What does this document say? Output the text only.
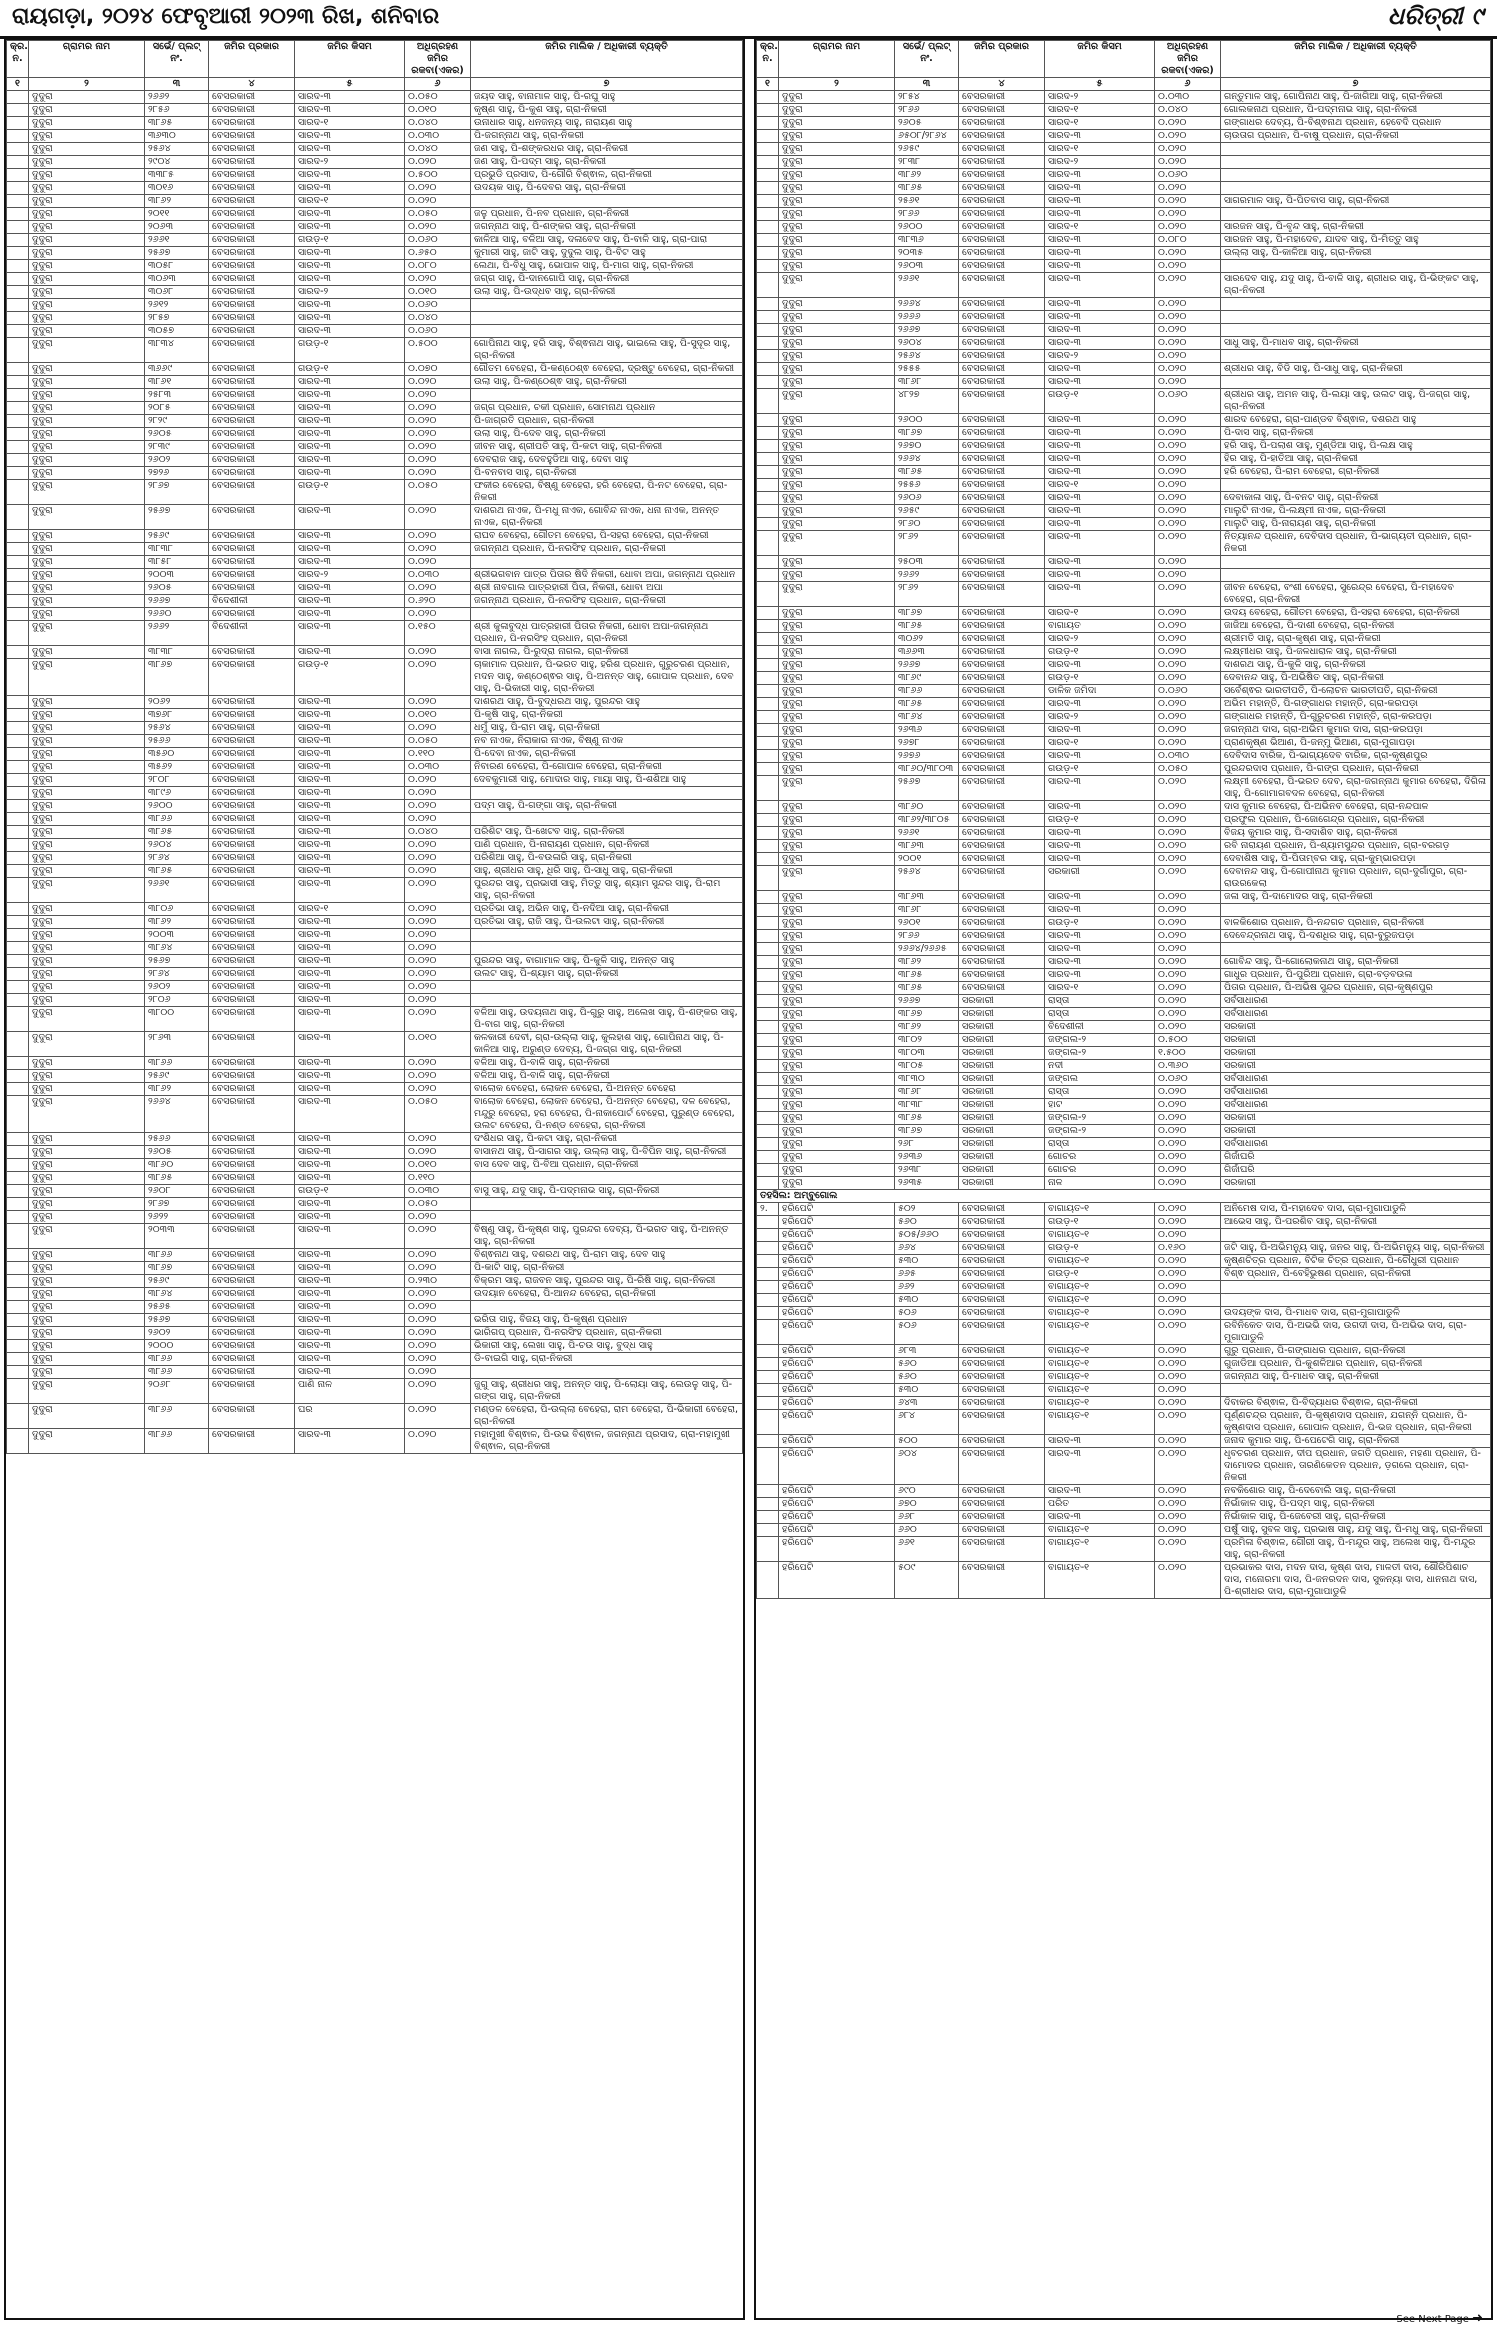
ରାୟଗଡ଼ା, ୨୦୨୪ ଫେବୃଆରୀ ୨୦୨୩ ରିଖ, ଶନିବାର	ଧରିତ୍ରୀ ୯
କ୍ର. ନ.	ଗ୍ରାମର ନାମ	ସର୍ଭେ/ ପ୍ଲଟ୍ ନଂ.	ଜମିର ପ୍ରକାର	ଜମିର କିସମ	ଅଧିଗ୍ରହଣ ଜମିର ରକବା(ଏକର)	ଜମିର ମାଲିକ / ଅଧିକାରୀ ବ୍ୟକ୍ତି
୧	୨	୩	୪	୫	୬	୭
	ଦୁଦୁରା	୨୬୬୨	ବେସରକାରୀ	ସାରଦ-୩	୦.୦୫୦	ଜୟଦ ସାହୁ, ବାନାମାଳ ସାହୁ, ପି-ରଘୁ ସାହୁ
	ଦୁଦୁରା	୨୮୫୬	ବେସରକାରୀ	ସାରଦ-୩	୦.୦୧୦	କୃଷ୍ଣ ସାହୁ, ପି-କୁଶ ସାହୁ, ଗ୍ରା-ନିକରୀ
	ଦୁଦୁରା	୩୮୬୫	ବେସରକାରୀ	ସାରଦ-୧	୦.୦୪୦	ଉନାଧାର ସାହୁ, ଧନଜନ୍ୟ ସାହୁ, ନାରାୟଣ ସାହୁ
	ଦୁଦୁରା	୩୬୩୦	ବେସରକାରୀ	ସାରଦ-୩	୦.୦୩୦	ପି-ଜଗନ୍ନାଥ ସାହୁ, ଗ୍ରା-ନିକରୀ
	ଦୁଦୁରା	୨୫୬୪	ବେସରକାରୀ	ସାରଦ-୩	୦.୦୪୦	ଜଣ ସାହୁ, ପି-ଶଙ୍କରଧର ସାହୁ, ଗ୍ରା-ନିକରୀ
	ଦୁଦୁରା	୨୯୦୪	ବେସରକାରୀ	ସାରଦ-୨	୦.୦୨୦	ଜଣ ସାହୁ, ପି-ପଦ୍ମ ସାହୁ, ଗ୍ରା-ନିକରୀ
	ଦୁଦୁରା	୩୩୮୫	ବେସରକାରୀ	ସାରଦ-୩	୦.୫୦୦	ପ୍ରଭୁଡି ପ୍ରସାଦ, ପି-ଗୌରି ବିଶ୍ଵାଳ, ଗ୍ରା-ନିକରୀ
	ଦୁଦୁରା	୩୦୧୬	ବେସରକାରୀ	ସାରଦ-୩	୦.୦୨୦	ଉଦୟକ ସାହୁ, ପି-ଦେବର ସାହୁ, ଗ୍ରା-ନିକରୀ
	ଦୁଦୁରା	୩୮୬୨	ବେସରକାରୀ	ସାରଦ-୧	୦.୦୨୦	
	ଦୁଦୁରା	୨୦୧୧	ବେସରକାରୀ	ସାରଦ-୩	୦.୦୫୦	ଜଳୁ ପ୍ରଧାନ, ପି-ନବ ପ୍ରଧାନ, ଗ୍ରା-ନିକରୀ
	ଦୁଦୁରା	୨୦୬୩	ବେସରକାରୀ	ସାରଦ-୩	୦.୦୨୦	ଜଗନ୍ନାଥ ସାହୁ, ପି-ଶଙ୍କର ସାହୁ, ଗ୍ରା-ନିକରୀ
	ଦୁଦୁରା	୨୬୬୧	ବେସରକାରୀ	ଗଉଡ଼-୧	୦.୦୬୦	କାଳିଆ ସାହୁ, ବଳିଆ ସାହୁ, ଦଳାବେଦ ସାହୁ, ପି-ବାଳି ସାହୁ, ଗ୍ରା-ପାରା
	ଦୁଦୁରା	୨୫୬୭	ବେସରକାରୀ	ସାରଦ-୩	୦.୬୫୦	କୁମାରୀ ସାହୁ, ଜାଟି ସାହୁ, ଦୁଦୁଲ ସାହୁ, ପି-ବିଟ ସାହୁ
	ଦୁଦୁରା	୩୦୫୮	ବେସରକାରୀ	ସାରଦ-୩	୦.୦୮୦	ଲେଥା, ପି-ବିଧୁ ସାହୁ, ଭୋପାଳ ସାହୁ, ପି-ମାଗ ସାହୁ, ଗ୍ରା-ନିକରୀ
	ଦୁଦୁରା	୩୦୬୩	ବେସରକାରୀ	ସାରଦ-୩	୦.୦୨୦	ଜଗ୍ଗ ସାହୁ, ପି-ଦାନଗୋପି ସାହୁ, ଗ୍ରା-ନିକରୀ
	ଦୁଦୁରା	୩୦୬୮	ବେସରକାରୀ	ସାରଦ-୨	୦.୦୧୦	ଉଲା ସାହୁ, ପି-ଉଦ୍ଧବ ସାହୁ, ଗ୍ରା-ନିକରୀ
	ଦୁଦୁରା	୨୬୧୨	ବେସରକାରୀ	ସାରଦ-୩	୦.୦୬୦	
	ଦୁଦୁରା	୨୮୫୭	ବେସରକାରୀ	ସାରଦ-୩	୦.୦୪୦	
	ଦୁଦୁରା	୩୦୫୭	ବେସରକାରୀ	ସାରଦ-୩	୦.୦୬୦	
	ଦୁଦୁରା	୩୮୩୪	ବେସରକାରୀ	ଗଉଡ଼-୧	୦.୫୦୦	ଗୋପିନାଥ ସାହୁ, ହରି ସାହୁ, ବିଶ୍ଵନାଥ ସାହୁ, ଭାଇଲେ ସାହୁ, ପି-ସୁଦୂର ସାହୁ, ଗ୍ରା-ନିକରୀ
	ଦୁଦୁରା	୩୬୬୯	ବେସରକାରୀ	ଗଉଡ଼-୧	୦.୦୭୦	ଗୌତମ ବେହେରା, ପି-କଣ୍ଠେଶ୍ଵ ବେହେରା, ଦ୍ରଷ୍ଟୁ ବେହେରା, ଗ୍ରା-ନିକରୀ
	ଦୁଦୁରା	୩୮୬୧	ବେସରକାରୀ	ସାରଦ-୩	୦.୦୨୦	ଉଲା ସାହୁ, ପି-କଣ୍ଠେଶ୍ଵ ସାହୁ, ଗ୍ରା-ନିକରୀ
	ଦୁଦୁରା	୨୫୮୩	ବେସରକାରୀ	ସାରଦ-୩	୦.୦୨୦	
	ଦୁଦୁରା	୨୦୮୫	ବେସରକାରୀ	ସାରଦ-୩	୦.୦୨୦	ଜଗ୍ଗ ପ୍ରଧାନ, ଚକୀ ପ୍ରଧାନ, ସୋମନାଥ ପ୍ରଧାନ
	ଦୁଦୁରା	୨୮୨୯	ବେସରକାରୀ	ସାରଦ-୩	୦.୦୨୦	ପି-ଜାଗ୍ରତି ପ୍ରଧାନ, ଗ୍ରା-ନିକରୀ
	ଦୁଦୁରା	୨୬୦୫	ବେସରକାରୀ	ସାରଦ-୩	୦.୦୨୦	ଉଲା ସାହୁ, ପି-ଦେବ ସାହୁ, ଗ୍ରା-ନିକରୀ
	ଦୁଦୁରା	୨୮୩୯	ବେସରକାରୀ	ସାରଦ-୩	୦.୦୨୦	ଜୀବନ ସାହୁ, ଶ୍ରୀପତି ସାହୁ, ପି-କଟା ସାହୁ, ଗ୍ରା-ନିକରୀ
	ଦୁଦୁରା	୨୬୦୨	ବେସରକାରୀ	ସାରଦ-୩	୦.୦୨୦	ଦେବରାଜ ସାହୁ, ଦେବହୁଡିଆ ସାହୁ, ଦେବା ସାହୁ
	ଦୁଦୁରା	୨୭୨୬	ବେସରକାରୀ	ସାରଦ-୩	୦.୦୨୦	ପି-ବନବାସ ସାହୁ, ଗ୍ରା-ନିକରୀ
	ଦୁଦୁରା	୨୮୬୭	ବେସରକାରୀ	ଗଉଡ଼-୧	୦.୦୫୦	ଫକୀର ବେହେରା, ବିଷ୍ଣୁ ବେହେରା, ହରି ବେହେରା, ପି-ନଟ ବେହେରା, ଗ୍ରା-ନିକରୀ
	ଦୁଦୁରା	୨୫୬୭	ବେସରକାରୀ	ସାରଦ-୩	୦.୦୨୦	ଦାଶରଥ ନାଏକ, ପି-ମଧୁ ନାଏକ, ଗୋବିନ୍ଦ ନାଏକ, ଧନା ନାଏକ, ଅନନ୍ତ ନାଏକ, ଗ୍ରା-ନିକରୀ
	ଦୁଦୁରା	୨୫୬୯	ବେସରକାରୀ	ସାରଦ-୩	୦.୦୨୦	ରାଘବ ବେହେରା, ଗୌତମ ବେହେରା, ପି-ସହରା ବେହେରା, ଗ୍ରା-ନିକରୀ
	ଦୁଦୁରା	୩୮୩୮	ବେସରକାରୀ	ସାରଦ-୩	୦.୦୨୦	ଜଗନ୍ନାଥ ପ୍ରଧାନ, ପି-ନରସିଂହ ପ୍ରଧାନ, ଗ୍ରା-ନିକରୀ
	ଦୁଦୁରା	୩୮୫୮	ବେସରକାରୀ	ସାରଦ-୩	୦.୦୨୦	
	ଦୁଦୁରା	୨୦୦୩	ବେସରକାରୀ	ସାରଦ-୨	୦.୦୩୦	ଶ୍ରୀଭଗବାନ ପାତ୍ର ପିତାର ଷିଦି ନିକରୀ, ଧୋବା ଅପା, ଜଗନ୍ନାଥ ପ୍ରଧାନ
	ଦୁଦୁରା	୨୬୦୫	ବେସରକାରୀ	ସାରଦ-୩	୦.୦୨୦	ଶ୍ରୀ ନାବଗାଲ ପାତ୍ରହାରୀ ପିତା, ନିକରୀ, ଧୋବା ଅପା
	ଦୁଦୁରା	୨୬୬୭	ବିଦେଶୀଳୀ	ସାରଦ-୩	୦.୬୨୦	ଜଗନ୍ନାଥ ପ୍ରଧାନ, ପି-ନରସିଂହ ପ୍ରଧାନ, ଗ୍ରା-ନିକରୀ
	ଦୁଦୁରା	୨୬୬୦	ବେସରକାରୀ	ସାରଦ-୩	୦.୦୨୦	
	ଦୁଦୁରା	୨୬୬୨	ବିଦେଶୀଳୀ	ସାରଦ-୩	୦.୧୫୦	ଶ୍ରୀ କୁଳାବୁଦ୍ଧ ପାତ୍ରହାରୀ ପିତାର ନିକରୀ, ଧୋବା ଅପା-ଜଗନ୍ନାଥ ପ୍ରଧାନ, ପି-ନରସିଂହ ପ୍ରଧାନ, ଗ୍ରା-ନିକରୀ
	ଦୁଦୁରା	୩୮୩୮	ବେସରକାରୀ	ସାରଦ-୩	୦.୦୨୦	ବାସା ନାଗଲ, ପି-ରୁଦ୍ରା ନାଗଲ, ଗ୍ରା-ନିକରୀ
	ଦୁଦୁରା	୩୮୬୭	ବେସରକାରୀ	ଗଉଡ଼-୧	୦.୦୨୦	ଚାକାମାଳ ପ୍ରଧାନ, ପି-ଭରତ ସାହୁ, ହରିଶ ପ୍ରଧାନ, ଗୁରୁଚରଣ ପ୍ରଧାନ, ମଦନ ସାହୁ, କଣ୍ଠେଶ୍ଵର ସାହୁ, ପି-ଅନନ୍ତ ସାହୁ, ଗୋପାଳ ପ୍ରଧାନ, ଦେବ ସାହୁ, ପି-ଭିକାରୀ ସାହୁ, ଗ୍ରା-ନିକରୀ
	ଦୁଦୁରା	୨୦୬୨	ବେସରକାରୀ	ସାରଦ-୩	୦.୦୨୦	ଦାଶରଥ ସାହୁ, ପି-ବୁଦ୍ଧରଥ ସାହୁ, ପୁରନ୍ଦର ସାହୁ
	ଦୁଦୁରା	୩୭୬୮	ବେସରକାରୀ	ସାରଦ-୩	୦.୦୧୦	ପି-କୃଷି ସାହୁ, ଗ୍ରା-ନିକରୀ
	ଦୁଦୁରା	୨୫୬୪	ବେସରକାରୀ	ସାରଦ-୩	୦.୦୨୦	ଧର୍ମୁ ସାହୁ, ପି-ରାମ ସାହୁ, ଗ୍ରା-ନିକରୀ
	ଦୁଦୁରା	୨୫୬୬	ବେସରକାରୀ	ସାରଦ-୩	୦.୦୫୦	ନବ ନାଏକ, ନିରାକାର ନାଏକ, ବିଷ୍ଣୁ ନାଏକ
	ଦୁଦୁରା	୩୫୬୦	ବେସରକାରୀ	ସାରଦ-୩	୦.୧୧୦	ପି-ଦେବା ନାଏକ, ଗ୍ରା-ନିକରୀ
	ଦୁଦୁରା	୩୫୬୨	ବେସରକାରୀ	ସାରଦ-୩	୦.୦୩୦	ନିବାରଣ ବେହେରା, ପି-ଗୋପାଳ ବେହେରା, ଗ୍ରା-ନିକରୀ
	ଦୁଦୁରା	୨୮୦୮	ବେସରକାରୀ	ସାରଦ-୩	୦.୦୨୦	ଦେବକୁମାରୀ ସାହୁ, ମୋଦାର ସାହୁ, ମାୟା ସାହୁ, ପି-ଶଶିଆ ସାହୁ
	ଦୁଦୁରା	୩୮୯୬	ବେସରକାରୀ	ସାରଦ-୩	୦.୦୨୦	
	ଦୁଦୁରା	୨୬୦୦	ବେସରକାରୀ	ସାରଦ-୩	୦.୦୨୦	ପଦ୍ମ ସାହୁ, ପି-ଗଙ୍ଗା ସାହୁ, ଗ୍ରା-ନିକରୀ
	ଦୁଦୁରା	୩୮୬୬	ବେସରକାରୀ	ସାରଦ-୩	୦.୦୨୦	
	ଦୁଦୁରା	୩୮୬୫	ବେସରକାରୀ	ସାରଦ-୩	୦.୦୪୦	ପରିଶିଟ ସାହୁ, ପି-ଖେଟବ ସାହୁ, ଗ୍ରା-ନିକରୀ
	ଦୁଦୁରା	୨୬୦୪	ବେସରକାରୀ	ସାରଦ-୩	୦.୦୨୦	ପାଣି ପ୍ରଧାନ, ପି-ନାରାୟଣ ପ୍ରଧାନ, ଗ୍ରା-ନିକରୀ
	ଦୁଦୁରା	୨୮୬୪	ବେସରକାରୀ	ସାରଦ-୩	୦.୦୨୦	ପରିଶିଆ ସାହୁ, ପି-ବଉଳାରି ସାହୁ, ଗ୍ରା-ନିକରୀ
	ଦୁଦୁରା	୩୮୬୫	ବେସରକାରୀ	ସାରଦ-୩	୦.୦୨୦	ସାହୁ, ଶ୍ରୀଧର ସାହୁ, ଧିରି ସାହୁ, ପି-ସାଧୁ ସାହୁ, ଗ୍ରା-ନିକରୀ
	ଦୁଦୁରା	୨୬୬୧	ବେସରକାରୀ	ସାରଦ-୩	୦.୦୨୦	ପୁରନ୍ଦର ସାହୁ, ପ୍ରଭାସୀ ସାହୁ, ମିତ୍ତୁ ସାହୁ, ଶ୍ୟାମ ସୁନ୍ଦର ସାହୁ, ପି-ରାମ ସାହୁ, ଗ୍ରା-ନିକରୀ
	ଦୁଦୁରା	୩୮୦୬	ବେସରକାରୀ	ସାରଦ-୧	୦.୦୨୦	ପ୍ରତିଭା ସାହୁ, ଅଭିନ ସାହୁ, ପି-ନଦିଆ ସାହୁ, ଗ୍ରା-ନିକରୀ
	ଦୁଦୁରା	୩୮୬୨	ବେସରକାରୀ	ସାରଦ-୩	୦.୦୨୦	ପ୍ରତିଭା ସାହୁ, ରାଜି ସାହୁ, ପି-ଉଲଟା ସାହୁ, ଗ୍ରା-ନିକରୀ
	ଦୁଦୁରା	୨୦୦୩	ବେସରକାରୀ	ସାରଦ-୩	୦.୦୨୦	
	ଦୁଦୁରା	୩୮୬୪	ବେସରକାରୀ	ସାରଦ-୩	୦.୦୨୦	
	ଦୁଦୁରା	୨୫୬୭	ବେସରକାରୀ	ସାରଦ-୩	୦.୦୨୦	ପୁରନ୍ଦର ସାହୁ, ବାଗାମାଳ ସାହୁ, ପି-କୁଳି ସାହୁ, ଅନନ୍ତ ସାହୁ
	ଦୁଦୁରା	୨୮୬୪	ବେସରକାରୀ	ସାରଦ-୩	୦.୦୨୦	ଉଲଟ ସାହୁ, ପି-ଶ୍ୟାମ ସାହୁ, ଗ୍ରା-ନିକରୀ
	ଦୁଦୁରା	୨୬୦୨	ବେସରକାରୀ	ସାରଦ-୩	୦.୦୨୦	
	ଦୁଦୁରା	୨୮୦୬	ବେସରକାରୀ	ସାରଦ-୩	୦.୦୨୦	
	ଦୁଦୁରା	୩୮୦୦	ବେସରକାରୀ	ସାରଦ-୩	୦.୦୨୦	ବଳିଆ ସାହୁ, ଉଦୟନାଥ ସାହୁ, ପି-ଗୁରୁ ସାହୁ, ଅଲେଖ ସାହୁ, ପି-ଶଙ୍କର ସାହୁ, ପି-ବାଗ ସାହୁ, ଗ୍ରା-ନିକରୀ
	ଦୁଦୁରା	୨୮୬୩	ବେସରକାରୀ	ସାରଦ-୩	୦.୦୧୦	କଳକାରୀ ଦେବୀ, ଗ୍ରା-ଉଲ୍ଲା ସାହୁ, କୁଲହାଶ ସାହୁ, ଗୋପିନାଥ ସାହୁ, ପି-କାଳିଆ ସାହୁ, ଅରୁଣ୍ଡ ଦେବ୍ୟ, ପି-ଜଗ୍ଗ ସାହୁ, ଗ୍ରା-ନିକରୀ
	ଦୁଦୁରା	୩୮୬୬	ବେସରକାରୀ	ସାରଦ-୩	୦.୦୨୦	ବଳିଆ ସାହୁ, ପି-ବାଳି ସାହୁ, ଗ୍ରା-ନିକରୀ
	ଦୁଦୁରା	୨୫୬୯	ବେସରକାରୀ	ସାରଦ-୩	୦.୦୨୦	ବଳିଆ ସାହୁ, ପି-ବାଳି ସାହୁ, ଗ୍ରା-ନିକରୀ
	ଦୁଦୁରା	୩୮୬୨	ବେସରକାରୀ	ସାରଦ-୩	୦.୦୨୦	ବାଲୋକ ବେହେରା, ଲୋକନ ବେହେରା, ପି-ଅନନ୍ତ ବେହେରା
	ଦୁଦୁରା	୨୬୬୪	ବେସରକାରୀ	ସାରଦ-୩	୦.୦୫୦	ବାଲୋକ ବେହେରା, ଲୋକନ ବେହେରା, ପି-ଅନନ୍ତ ବେହେରା, ଦଳ ବେହେରା, ମନ୍ଦୁରୁ ବେହେରା, ହରା ବେହେରା, ପି-ନାକାପୋର୍ଟ ବେହେରା, ପୁରୁଣ୍ଡ ବେହେରା, ଉଲଟ ବେହେରା, ପି-ନଣ୍ଡ ବେହେରା, ଗ୍ରା-ନିକରୀ
	ଦୁଦୁରା	୨୫୬୬	ବେସରକାରୀ	ସାରଦ-୩	୦.୦୨୦	ଦଂଶିଧର ସାହୁ, ପି-କଟା ସାହୁ, ଗ୍ରା-ନିକରୀ
	ଦୁଦୁରା	୨୬୦୫	ବେସରକାରୀ	ସାରଦ-୩	୦.୦୨୦	ବାସାନଥ ସାହୁ, ପି-ସାଗର ସାହୁ, ଉଲ୍ଲା ସାହୁ, ପି-ବିପିନ ସାହୁ, ଗ୍ରା-ନିକରୀ
	ଦୁଦୁରା	୩୮୬୦	ବେସରକାରୀ	ସାରଦ-୩	୦.୦୧୦	ବାସ ଦେବ ସାହୁ, ପି-ବିଆ ପ୍ରଧାନ, ଗ୍ରା-ନିକରୀ
	ଦୁଦୁରା	୩୮୬୫	ବେସରକାରୀ	ସାରଦ-୩	୦.୧୧୦	
	ଦୁଦୁରା	୨୬୦୮	ବେସରକାରୀ	ଗଉଡ଼-୧	୦.୦୩୦	ବାସୁ ସାହୁ, ଯଦୁ ସାହୁ, ପି-ପଦ୍ମନାଭ ସାହୁ, ଗ୍ରା-ନିକରୀ
	ଦୁଦୁରା	୨୮୬୭	ବେସରକାରୀ	ସାରଦ-୩	୦.୦୫୦	
	ଦୁଦୁରା	୨୬୨୨	ବେସରକାରୀ	ସାରଦ-୩	୦.୦୨୦	
	ଦୁଦୁରା	୨୦୩୩	ବେସରକାରୀ	ସାରଦ-୩	୦.୦୨୦	ବିଷ୍ଣୁ ସାହୁ, ପି-କୃଷ୍ଣ ସାହୁ, ପୁରନ୍ଦର ଦେବ୍ୟ, ପି-ଭରତ ସାହୁ, ପି-ଅନନ୍ତ ସାହୁ, ଗ୍ରା-ନିକରୀ
	ଦୁଦୁରା	୩୮୬୬	ବେସରକାରୀ	ସାରଦ-୩	୦.୦୨୦	ବିଶ୍ଵନାଥ ସାହୁ, ଦଶରଥ ସାହୁ, ପି-ରାମ ସାହୁ, ଦେବ ସାହୁ
	ଦୁଦୁରା	୩୮୬୭	ବେସରକାରୀ	ସାରଦ-୩	୦.୦୨୦	ପି-କାଟି ସାହୁ, ଗ୍ରା-ନିକରୀ
	ଦୁଦୁରା	୨୫୬୯	ବେସରକାରୀ	ସାରଦ-୩	୦.୨୩୦	ବିକ୍ରମ ସାହୁ, ରାଜବନ ସାହୁ, ପୁରନ୍ଦର ସାହୁ, ପି-ରିଷି ସାହୁ, ଗ୍ରା-ନିକରୀ
	ଦୁଦୁରା	୩୮୬୪	ବେସରକାରୀ	ସାରଦ-୩	୦.୦୨୦	ଉଦୟାନ ବେହେରା, ପି-ଆନନ୍ଦ ବେହେରା, ଗ୍ରା-ନିକରୀ
	ଦୁଦୁରା	୨୫୬୫	ବେସରକାରୀ	ସାରଦ-୩	୦.୦୨୦	
	ଦୁଦୁରା	୨୫୬୭	ବେସରକାରୀ	ସାରଦ-୩	୦.୦୨୦	ଭରିତା ସାହୁ, ବିଜୟ ସାହୁ, ପି-କୃଷ୍ଣ ପ୍ରଧାନ
	ଦୁଦୁରା	୨୬୦୨	ବେସରକାରୀ	ସାରଦ-୩	୦.୦୨୦	ଭାରିଗପ୍ ପ୍ରଧାନ, ପି-ନରସିଂହ ପ୍ରଧାନ, ଗ୍ରା-ନିକରୀ
	ଦୁଦୁରା	୨୦୦୦	ବେସରକାରୀ	ସାରଦ-୩	୦.୦୨୦	ଭିକାରୀ ସାହୁ, ଲେଖା ସାହୁ, ପି-ଚଉ ସାହୁ, ବୁଦ୍ଧ ସାହୁ
	ଦୁଦୁରା	୩୮୬୬	ବେସରକାରୀ	ସାରଦ-୩	୦.୦୨୦	ଡି-ବାଇଗି ସାହୁ, ଗ୍ରା-ନିକରୀ
	ଦୁଦୁରା	୩୮୬୬	ବେସରକାରୀ	ସାରଦ-୩	୦.୦୨୦	
	ଦୁଦୁରା	୨୦୬୮	ବେସରକାରୀ	ପାଣି ନାଳ	୦.୦୨୦	ଜୁଗୁ ସାହୁ, ଶ୍ରୀଧର ସାହୁ, ଅନନ୍ତ ସାହୁ, ପି-ଲୋୟା ସାହୁ, ଲେଉଳୁ ସାହୁ, ପି-ଗଙ୍ଗ ସାହୁ, ଗ୍ରା-ନିକରୀ
	ଦୁଦୁରା	୩୮୬୬	ବେସରକାରୀ	ଘର	୦.୦୨୦	ମଣ୍ଡଳ ବେହେରା, ପି-ଉଲ୍ଲା ବେହେରା, ରାମ ବେହେରା, ପି-ଭିକାରୀ ବେହେରା, ଗ୍ରା-ନିକରୀ
	ଦୁଦୁରା	୩୮୬୬	ବେସରକାରୀ	ସାରଦ-୩	୦.୦୨୦	ମହାମୁଖୀ ବିଶ୍ଵାଳ, ପି-ଉଭ ବିଶ୍ଵାଳ, ଜଗନ୍ନାଥ ପ୍ରସାଦ, ଗ୍ରା-ମହାମୁଖୀ ବିଶ୍ଵାଳ, ଗ୍ରା-ନିକରୀ
କ୍ର. ନ.	ଗ୍ରାମର ନାମ	ସର୍ଭେ/ ପ୍ଲଟ୍ ନଂ.	ଜମିର ପ୍ରକାର	ଜମିର କିସମ	ଅଧିଗ୍ରହଣ ଜମିର ରକବା(ଏକର)	ଜମିର ମାଲିକ / ଅଧିକାରୀ ବ୍ୟକ୍ତି
୧	୨	୩	୪	୫	୬	୭
	ଦୁଦୁରା	୨୮୫୪	ବେସରକାରୀ	ସାରଦ-୨	୦.୦୩୦	ଗନ୍ତୁମାଳ ସାହୁ, ଗୋପିନାଥ ସାହୁ, ପି-ଜାଗିଆ ସାହୁ, ଗ୍ରା-ନିକରୀ
	ଦୁଦୁରା	୨୮୬୬	ବେସରକାରୀ	ସାରଦ-୧	୦.୦୪୦	ଗୋଲକନାଥ ପ୍ରଧାନ, ପି-ପଦ୍ମନାଭ ସାହୁ, ଗ୍ରା-ନିକରୀ
	ଦୁଦୁରା	୨୬୦୫	ବେସରକାରୀ	ସାରଦ-୧	୦.୦୨୦	ଗଙ୍ଗାଧର ଦେବ୍ୟ, ପି-ବିଶ୍ଵନାଥ ପ୍ରଧାନ, ହେବେଦି ପ୍ରଧାନ
	ଦୁଦୁରା	୬୫୦୮/୨୮୬୪	ବେସରକାରୀ	ସାରଦ-୩	୦.୦୨୦	ଚାଉତାଗ ପ୍ରଧାନ, ପି-ବାଷୁ ପ୍ରଧାନ, ଗ୍ରା-ନିକରୀ
	ଦୁଦୁରା	୨୬୫୯	ବେସରକାରୀ	ସାରଦ-୧	୦.୦୨୦	
	ଦୁଦୁରା	୨୮୩୮	ବେସରକାରୀ	ସାରଦ-୨	୦.୦୨୦	
	ଦୁଦୁରା	୩୮୬୨	ବେସରକାରୀ	ସାରଦ-୩	୦.୦୬୦	
	ଦୁଦୁରା	୩୮୬୫	ବେସରକାରୀ	ସାରଦ-୩	୦.୦୨୦	
	ଦୁଦୁରା	୨୫୬୧	ବେସରକାରୀ	ସାରଦ-୩	୦.୦୨୦	ସାଗରମାଳ ସାହୁ, ପି-ପିତବାସ ସାହୁ, ଗ୍ରା-ନିକରୀ
	ଦୁଦୁରା	୨୮୬୬	ବେସରକାରୀ	ସାରଦ-୩	୦.୦୨୦	
	ଦୁଦୁରା	୨୬୦୦	ବେସରକାରୀ	ସାରଦ-୧	୦.୦୨୦	ସାରଜନ ସାହୁ, ପି-ବୃନ୍ଦ ସାହୁ, ଗ୍ରା-ନିକରୀ
	ଦୁଦୁରା	୩୮୩୬	ବେସରକାରୀ	ସାରଦ-୩	୦.୦୮୦	ସାରଜନ ସାହୁ, ପି-ମହାଦେବ, ଯାଦବ ସାହୁ, ପି-ମିତ୍ତୁ ସାହୁ
	ଦୁଦୁରା	୨୦୩୫	ବେସରକାରୀ	ସାରଦ-୩	୦.୦୨୦	ଉଲ୍ଲା ସାହୁ, ପି-କାଳିଆ ସାହୁ, ଗ୍ରା-ନିକରୀ
	ଦୁଦୁରା	୨୬୦୩	ବେସରକାରୀ	ସାରଦ-୩	୦.୦୨୦	
	ଦୁଦୁରା	୨୬୬୧	ବେସରକାରୀ	ସାରଦ-୩	୦.୦୨୦	ସାରଦେବ ସାହୁ, ଯଦୁ ସାହୁ, ପି-ବାଳି ସାହୁ, ଶ୍ରୀଧର ସାହୁ, ପି-ଭିଙ୍କଟ ସାହୁ, ଗ୍ରା-ନିକରୀ
	ଦୁଦୁରା	୨୬୬୪	ବେସରକାରୀ	ସାରଦ-୩	୦.୦୨୦	
	ଦୁଦୁରା	୨୬୬୬	ବେସରକାରୀ	ସାରଦ-୩	୦.୦୨୦	
	ଦୁଦୁରା	୨୬୬୭	ବେସରକାରୀ	ସାରଦ-୩	୦.୦୨୦	
	ଦୁଦୁରା	୨୬୦୪	ବେସରକାରୀ	ସାରଦ-୩	୦.୦୨୦	ସାଧୁ ସାହୁ, ପି-ମାଧବ ସାହୁ, ଗ୍ରା-ନିକରୀ
	ଦୁଦୁରା	୨୫୬୪	ବେସରକାରୀ	ସାରଦ-୨	୦.୦୨୦	
	ଦୁଦୁରା	୨୫୫୫	ବେସରକାରୀ	ସାରଦ-୩	୦.୦୨୦	ଶ୍ରୀଧର ସାହୁ, ବିଡି ସାହୁ, ପି-ସାଧୁ ସାହୁ, ଗ୍ରା-ନିକରୀ
	ଦୁଦୁରା	୩୮୬୮	ବେସରକାରୀ	ସାରଦ-୩	୦.୦୨୦	
	ଦୁଦୁରା	୪୮୨୭	ବେସରକାରୀ	ଗଉଡ଼-୧	୦.୦୬୦	ଶ୍ରୀଧର ସାହୁ, ଅମନ ସାହୁ, ପି-ଲୟା ସାହୁ, ଉଲଟ ସାହୁ, ପି-ଜଗ୍ଗ ସାହୁ, ଗ୍ରା-ନିକରୀ
	ଦୁଦୁରା	୨୬୦୦	ବେସରକାରୀ	ସାରଦ-୩	୦.୦୨୦	ଶାରଦ ବେହେରା, ଗ୍ରା-ପାଣ୍ଡବ ବିଶ୍ଵାଳ, ଦଶରଥ ସାହୁ
	ଦୁଦୁରା	୩୮୬୭	ବେସରକାରୀ	ସାରଦ-୩	୦.୦୨୦	ପି-ଦାସ ସାହୁ, ଗ୍ରା-ନିକରୀ
	ଦୁଦୁରା	୨୬୭୦	ବେସରକାରୀ	ସାରଦ-୩	୦.୦୨୦	ହରି ସାହୁ, ପି-ପଲାଶ ସାହୁ, ମୁଣ୍ଡିଆ ସାହୁ, ପି-ଲକ୍ଷ ସାହୁ
	ଦୁଦୁରା	୨୬୬୪	ବେସରକାରୀ	ସାରଦ-୩	୦.୦୨୦	ହିର ସାହୁ, ପି-ହାତିଆ ସାହୁ, ଗ୍ରା-ନିକରୀ
	ଦୁଦୁରା	୩୮୬୫	ବେସରକାରୀ	ସାରଦ-୩	୦.୦୨୦	ହରି ବେହେରା, ପି-ରାମ ବେହେରା, ଗ୍ରା-ନିକରୀ
	ଦୁଦୁରା	୨୫୫୬	ବେସରକାରୀ	ସାରଦ-୧	୦.୦୨୦	
	ଦୁଦୁରା	୨୬୦୬	ବେସରକାରୀ	ସାରଦ-୩	୦.୦୨୦	ଦେବାକାଳା ସାହୁ, ପି-ବନଟ ସାହୁ, ଗ୍ରା-ନିକରୀ
	ଦୁଦୁରା	୨୬୫୯	ବେସରକାରୀ	ସାରଦ-୩	୦.୦୨୦	ମାଲୁଟି ନାଏକ, ପି-ଲକ୍ଷ୍ମୀ ନାଏକ, ଗ୍ରା-ନିକରୀ
	ଦୁଦୁରା	୨୮୬୦	ବେସରକାରୀ	ସାରଦ-୩	୦.୦୨୦	ମାଲୁଟି ସାହୁ, ପି-ନାରାୟଣ ସାହୁ, ଗ୍ରା-ନିକରୀ
	ଦୁଦୁରା	୨୮୬୨	ବେସରକାରୀ	ସାରଦ-୩	୦.୦୨୦	ନିତ୍ୟାନନ୍ଦ ପ୍ରଧାନ, ଦେବିଦାସ ପ୍ରଧାନ, ପି-ଭାଗ୍ୟତୀ ପ୍ରଧାନ, ଗ୍ରା-ନିକରୀ
	ଦୁଦୁରା	୨୫୦୩	ବେସରକାରୀ	ସାରଦ-୩	୦.୦୨୦	
	ଦୁଦୁରା	୨୬୬୨	ବେସରକାରୀ	ସାରଦ-୩	୦.୦୨୦	
	ଦୁଦୁରା	୨୮୬୨	ବେସରକାରୀ	ସାରଦ-୩	୦.୦୨୦	ଜୀବନ ବେହେରା, ବଂଶୀ ବେହେରା, ସୁରେନ୍ଦ୍ର ବେହେରା, ପି-ମହାଦେବ ବେହେରା, ଗ୍ରା-ନିକରୀ
	ଦୁଦୁରା	୩୮୬୭	ବେସରକାରୀ	ସାରଦ-୧	୦.୦୨୦	ଉଦୟ ବେହେରା, ଗୌତମ ବେହେରା, ପି-ସହରା ବେହେରା, ଗ୍ରା-ନିକରୀ
	ଦୁଦୁରା	୩୮୬୫	ବେସରକାରୀ	ବାଗାୟତ	୦.୦୨୦	ଜାଜିଆ ବେହେରା, ପି-ଦାଶୀ ବେହେରା, ଗ୍ରା-ନିକରୀ
	ଦୁଦୁରା	୩୦୬୨	ବେସରକାରୀ	ସାରଦ-୨	୦.୦୨୦	ଶ୍ରୀମତି ସାହୁ, ଗ୍ରା-କୃଷ୍ଣ ସାହୁ, ଗ୍ରା-ନିକରୀ
	ଦୁଦୁରା	୩୬୬୩	ବେସରକାରୀ	ଗଉଡ଼-୧	୦.୦୨୦	ଲକ୍ଷ୍ମୀଧର ସାହୁ, ପି-ଜଳଧାରାଳ ସାହୁ, ଗ୍ରା-ନିକରୀ
	ଦୁଦୁରା	୨୬୬୭	ବେସରକାରୀ	ସାରଦ-୩	୦.୦୨୦	ଦାଶରଥ ସାହୁ, ପି-କୁଳି ସାହୁ, ଗ୍ରା-ନିକରୀ
	ଦୁଦୁରା	୩୮୬୯	ବେସରକାରୀ	ଗଉଡ଼-୧	୦.୦୨୦	ଦେବାନନ୍ଦ ସାହୁ, ପି-ଅଭିଷିତ ସାହୁ, ଗ୍ରା-ନିକରୀ
	ଦୁଦୁରା	୩୮୬୬	ବେସରକାରୀ	ଡାଳିକ ଜମିଦା	୦.୦୬୦	ସର୍ବେଶ୍ଵର ଭାରତୀପତି, ପି-ଲୋଚନ ଭାରତୀପତି, ଗ୍ରା-ନିକରୀ
	ଦୁଦୁରା	୩୮୬୫	ବେସରକାରୀ	ସାରଦ-୩	୦.୦୨୦	ଅଭିମ ମହାନ୍ତି, ପି-ଗଙ୍ଗାଧର ମହାନ୍ତି, ଗ୍ରା-କରପଡ଼ା
	ଦୁଦୁରା	୩୮୬୪	ବେସରକାରୀ	ସାରଦ-୨	୦.୦୨୦	ଗଙ୍ଗାଧର ମହାନ୍ତି, ପି-ଗୁରୁଚରଣ ମହାନ୍ତି, ଗ୍ରା-କରପଡ଼ା
	ଦୁଦୁରା	୨୬୩୬	ବେସରକାରୀ	ସାରଦ-୩	୦.୦୨୦	ଜଗନ୍ନାଥ ଦାସ, ଗ୍ରା-ଅଭିମ କୁମାର ଦାସ, ଗ୍ରା-କରପଡ଼ା
	ଦୁଦୁରା	୨୬୭୮	ବେସରକାରୀ	ସାରଦ-୧	୦.୦୨୦	ପ୍ରାଣକୃଷ୍ଣ ଭିଆଣ, ପି-ଜନ୍ମୁ ଭିଆଣ, ଗ୍ରା-ମୁଗାପଡ଼ା
	ଦୁଦୁରା	୨୬୭୬	ବେସରକାରୀ	ସାରଦ-୩	୦.୦୩୦	ଦେବିଦାସ ବାରିକ, ପି-ଭାଗ୍ୟଦେବ ବାରିକ, ଗ୍ରା-କୃଷ୍ଣପୁର
	ଦୁଦୁରା	୩୮୬୦/୩୮୦୩	ବେସରକାରୀ	ଗଉଡ଼-୧	୦.୦୫୦	ପୁରନ୍ଦରଦାସ ପ୍ରଧାନ, ପି-ଗଙ୍ଗ ପ୍ରଧାନ, ଗ୍ରା-ନିକରୀ
	ଦୁଦୁରା	୨୫୬୭	ବେସରକାରୀ	ସାରଦ-୩	୦.୦୨୦	ଲକ୍ଷ୍ମୀ ବେହେରା, ପି-ଭରତ ଦେବ, ଗ୍ରା-ଜଗନ୍ନାଥ କୁମାର ବେହେରା, ଦିଗିଳା ସାହୁ, ପି-ଗୋମାଗବଦଳ ବେହେରା, ଗ୍ରା-ନିକରୀ
	ଦୁଦୁରା	୩୮୬୦	ବେସରକାରୀ	ସାରଦ-୩	୦.୦୨୦	ଦାସ କୁମାର ବେହେରା, ପି-ଅଭିନବ ବେହେରା, ଗ୍ରା-ନନ୍ଦପାଳ
	ଦୁଦୁରା	୩୮୬୨/୩୮୦୫	ବେସରକାରୀ	ଗଉଡ଼-୧	୦.୦୨୦	ପ୍ରଫୁଲ ପ୍ରଧାନ, ପି-ଜୋଗେନ୍ଦ୍ର ପ୍ରଧାନ, ଗ୍ରା-ନିକରୀ
	ଦୁଦୁରା	୨୬୬୧	ବେସରକାରୀ	ସାରଦ-୩	୦.୦୨୦	ବିଜୟ କୁମାର ସାହୁ, ପି-ସଦାଶିବ ସାହୁ, ଗ୍ରା-ନିକରୀ
	ଦୁଦୁରା	୩୮୬୩	ବେସରକାରୀ	ସାରଦ-୩	୦.୦୨୦	ରବି ନାରାୟଣ ପ୍ରଧାନ, ପି-ଶ୍ୟାମସୁନ୍ଦର ପ୍ରଧାନ, ଗ୍ରା-ବରଗଡ଼
	ଦୁଦୁରା	୨୦୦୧	ବେସରକାରୀ	ସାରଦ-୩	୦.୦୨୦	ଦେବାଶିଷ ସାହୁ, ପି-ପିତାମ୍ବର ସାହୁ, ଗ୍ରା-କୁମ୍ଭାରପଡ଼ା
	ଦୁଦୁରା	୨୫୬୪	ବେସରକାରୀ	ସରକାରୀ	୦.୦୨୦	ଦେବାନନ୍ଦ ସାହୁ, ପି-ଗୋପୀନାଥ କୁମାର ପ୍ରଧାନ, ଗ୍ରା-ଦୁର୍ଗାପୁର, ଗ୍ରା-ରାଉରକେଲା
	ଦୁଦୁରା	୩୮୬୩	ବେସରକାରୀ	ସାରଦ-୩	୦.୦୨୦	ଜଳା ସାହୁ, ପି-ଦାମୋଦର ସାହୁ, ଗ୍ରା-ନିକରୀ
	ଦୁଦୁରା	୩୮୬୮	ବେସରକାରୀ	ସାରଦ-୩	୦.୦୨୦	
	ଦୁଦୁରା	୨୬୦୧	ବେସରକାରୀ	ଗଉଡ଼-୧	୦.୦୨୦	ବାଳକିଶୋର ପ୍ରଧାନ, ପି-ନନ୍ଦଗଚ ପ୍ରଧାନ, ଗ୍ରା-ନିକରୀ
	ଦୁଦୁରା	୨୮୬୬	ବେସରକାରୀ	ସାରଦ-୩	୦.୦୨୦	ଦେବେନ୍ଦ୍ରନାଥ ସାହୁ, ପି-ଦଶଧିର ସାହୁ, ଗ୍ରା-ବୁରୁଜପଡ଼ା
	ଦୁଦୁରା	୨୬୬୪/୨୬୬୫	ବେସରକାରୀ	ସାରଦ-୩	୦.୦୨୦	
	ଦୁଦୁରା	୩୮୬୨	ବେସରକାରୀ	ସାରଦ-୩	୦.୦୨୦	ଗୋବିନ୍ଦ ସାହୁ, ପି-ଗୋଲୋକନାଥ ସାହୁ, ଗ୍ରା-ନିକରୀ
	ଦୁଦୁରା	୩୮୬୫	ବେସରକାରୀ	ସାରଦ-୩	୦.୦୨୦	ଗାଧୁର ପ୍ରଧାନ, ପି-ପୁରିଆ ପ୍ରଧାନ, ଗ୍ରା-ବଡ଼ବଉଳା
	ଦୁଦୁରା	୩୮୬୫	ବେସରକାରୀ	ସାରଦ-୧	୦.୦୨୦	ପିତାର ପ୍ରଧାନ, ପି-ଅଭିଷ ସୁନ୍ଦର ପ୍ରଧାନ, ଗ୍ରା-କୃଷ୍ଣପୁର
	ଦୁଦୁରା	୨୬୬୭	ସରକାରୀ	ରାସ୍ତା	୦.୦୨୦	ସର୍ବସାଧାରଣ
	ଦୁଦୁରା	୩୮୬୭	ସରକାରୀ	ରାସ୍ତା	୦.୦୨୦	ସର୍ବସାଧାରଣ
	ଦୁଦୁରା	୩୮୬୨	ସରକାରୀ	ବିଦେଶୀଳୀ	୦.୦୨୦	ସରକାରୀ
	ଦୁଦୁରା	୩୮୦୨	ସରକାରୀ	ଜଙ୍ଗଲ-୨	୦.୫୦୦	ସରକାରୀ
	ଦୁଦୁରା	୩୮୦୩	ସରକାରୀ	ଜଙ୍ଗଲ-୨	୧.୫୦୦	ସରକାରୀ
	ଦୁଦୁରା	୩୮୦୫	ସରକାରୀ	ନଦୀ	୦.୩୬୦	ସରକାରୀ
	ଦୁଦୁରା	୩୮୩୦	ସରକାରୀ	ଜଙ୍ଗଲ	୦.୦୬୦	ସର୍ବସାଧାରଣ
	ଦୁଦୁରା	୩୮୬୮	ସରକାରୀ	ରାସ୍ତା	୦.୦୨୦	ସର୍ବସାଧାରଣ
	ଦୁଦୁରା	୩୮୩୮	ସରକାରୀ	ହାଟ	୦.୦୨୦	ସର୍ବସାଧାରଣ
	ଦୁଦୁରା	୩୮୬୫	ସରକାରୀ	ଜଙ୍ଗଲ-୨	୦.୦୨୦	ସରକାରୀ
	ଦୁଦୁରା	୩୮୬୭	ସରକାରୀ	ଜଙ୍ଗଲ-୨	୦.୦୨୦	ସରକାରୀ
	ଦୁଦୁରା	୨୬୮	ସରକାରୀ	ରାସ୍ତା	୦.୦୨୦	ସର୍ବସାଧାରଣ
	ଦୁଦୁରା	୨୬୩୬	ସରକାରୀ	ଗୋଚର	୦.୦୨୦	ଗିର୍ଜାଘରି
	ଦୁଦୁରା	୨୬୩୮	ସରକାରୀ	ଗୋଚର	୦.୦୨୦	ଗିର୍ଜାଘରି
	ଦୁଦୁରା	୨୬୩୫	ସରକାରୀ	ନାଳ	୦.୦୨୦	ସରକାରୀ
ତହସିଲ: ଅମ୍ବୁଗୋଲ						
୨.	ହରିପେଟି	୫୦୨	ବେସରକାରୀ	ବାଗାୟତ-୧	୦.୦୨୦	ଅନିମେଷ ଦାସ, ପି-ମହାଦେବ ଦାସ, ଗ୍ରା-ମୁଗାପାଡୁଳି
	ହରିପେଟି	୫୬୦	ବେସରକାରୀ	ଗଉଡ଼-୧	୦.୦୨୦	ଆଭେସ ସାହୁ, ପି-ପରଶିବ ସାହୁ, ଗ୍ରା-ନିକରୀ
	ହରିପେଟି	୫୦୫/୬୬୦	ବେସରକାରୀ	ବାଗାୟତ-୧	୦.୦୨୦	
	ହରିପେଟି	୬୬୪	ବେସରକାରୀ	ଗଉଡ଼-୧	୦.୧୬୦	ଜଟି ସାହୁ, ପି-ଅଭିମନ୍ୟୁ ସାହୁ, ଜନର ସାହୁ, ପି-ଅଭିମନ୍ୟୁ ସାହୁ, ଗ୍ରା-ନିକରୀ
	ହରିପେଟି	୫୩୦	ବେସରକାରୀ	ବାଗାୟତ-୧	୦.୦୨୦	କୃଷ୍ଣଚିତ୍ର ପ୍ରଧାନ, ବିଟିକ ଚିତ୍ର ପ୍ରଧାନ, ପି-ଚୌଧୁରୀ ପ୍ରଧାନ
	ହରିପେଟି	୬୬୫	ବେସରକାରୀ	ଗଉଡ଼-୧	୦.୦୨୦	ବିଶ୍ଵ ପ୍ରଧାନ, ପି-ବେହିଭୁଷଣ ପ୍ରଧାନ, ଗ୍ରା-ନିକରୀ
	ହରିପେଟି	୬୬୨	ବେସରକାରୀ	ବାଗାୟତ-୧	୦.୦୨୦	
	ହରିପେଟି	୫୩୦	ବେସରକାରୀ	ବାଗାୟତ-୧	୦.୦୨୦	
	ହରିପେଟି	୫୦୬	ବେସରକାରୀ	ବାଗାୟତ-୧	୦.୦୨୦	ଉଦୟଙ୍କ ଦାସ, ପି-ମାଧବ ଦାସ, ଗ୍ରା-ମୁଗାପାଡୁଳି
	ହରିପେଟି	୫୦୬	ବେସରକାରୀ	ବାଗାୟତ-୧	୦.୦୨୦	ରବିନିକେତ ଦାସ, ପି-ଅଭଭି ଦାସ, ଉଗଦୀ ଦାସ, ପି-ଅଭିଭ ଦାସ, ଗ୍ରା-ମୁଗାପାଡୁଳି
	ହରିପେଟି	୬୮୩	ବେସରକାରୀ	ବାଗାୟତ-୧	୦.୦୨୦	ଗୁରୁ ପ୍ରଧାନ, ପି-ଗଙ୍ଗାଧର ପ୍ରଧାନ, ଗ୍ରା-ନିକରୀ
	ହରିପେଟି	୫୬୦	ବେସରକାରୀ	ବାଗାୟତ-୧	୦.୦୨୦	ଗୁଜାଡିଆ ପ୍ରଧାନ, ପି-କୁଶଳିଆର ପ୍ରଧାନ, ଗ୍ରା-ନିକରୀ
	ହରିପେଟି	୫୬୦	ବେସରକାରୀ	ବାଗାୟତ-୧	୦.୦୨୦	ଜଗନ୍ନାଥ ସାହୁ, ପି-ମାଧବ ସାହୁ, ଗ୍ରା-ନିକରୀ
	ହରିପେଟି	୫୩୦	ବେସରକାରୀ	ବାଗାୟତ-୧	୦.୦୨୦	
	ହରିପେଟି	୬୪୩	ବେସରକାରୀ	ବାଗାୟତ-୧	୦.୦୨୦	ଦିବାକର ବିଶ୍ଵାଳ, ପି-ବିଦ୍ୟାଧର ବିଶ୍ଵାଳ, ଗ୍ରା-ନିକରୀ
	ହରିପେଟି	୬୮୪	ବେସରକାରୀ	ବାଗାୟତ-୧	୦.୦୨୦	ପୂର୍ଣ୍ଣଚନ୍ଦ୍ର ପ୍ରଧାନ, ପି-କୃଷ୍ଣଦାସ ପ୍ରଧାନ, ଯଗନ୍ନି ପ୍ରଧାନ, ପି-କୃଷ୍ଣଦାସ ପ୍ରଧାନ, ଗୋପାଳ ପ୍ରଧାନ, ପି-ଭଜ ପ୍ରଧାନ, ଗ୍ରା-ନିକରୀ
	ହରିପେଟି	୫୦୦	ବେସରକାରୀ	ସାରଦ-୩	୦.୦୨୦	ଜନାଦ କୁମାର ସାହୁ, ପି-ପେଟେଗି ସାହୁ, ଗ୍ରା-ନିକରୀ
	ହରିପେଟି	୬୦୪	ବେସରକାରୀ	ସାରଦ-୩	୦.୦୨୦	ଧୃବଚରଣ ପ୍ରଧାନ, ଦୀପ ପ୍ରଧାନ, ଜଗତି ପ୍ରଧାନ, ମହଣା ପ୍ରଧାନ, ପି-ଦାମୋଦର ପ୍ରଧାନ, ତାରଣିକେତନ ପ୍ରଧାନ, ଡ଼ଗଲେ ପ୍ରଧାନ, ଗ୍ରା-ନିକରୀ
	ହରିପେଟି	୬୯୦	ବେସରକାରୀ	ସାରଦ-୩	୦.୦୨୦	ନବକିଶୋର ସାହୁ, ପି-ଦେବୋଲି ସାହୁ, ଗ୍ରା-ନିକରୀ
	ହରିପେଟି	୬୭୦	ବେସରକାରୀ	ପରିତ	୦.୦୨୦	ନିର୍ଭାକାଳ ସାହୁ, ପି-ପଦ୍ମ ସାହୁ, ଗ୍ରା-ନିକରୀ
	ହରିପେଟି	୬୬୮	ବେସରକାରୀ	ସାରଦ-୩	୦.୦୨୦	ନିର୍ଭାକାଳ ସାହୁ, ପି-ଜେବେରୀ ସାହୁ, ଗ୍ରା-ନିକରୀ
	ହରିପେଟି	୬୬୦	ବେସରକାରୀ	ବାଗାୟତ-୧	୦.୦୨୦	ପର୍ଷୁ ସାହୁ, ସୁବଳ ସାହୁ, ପ୍ରଭାଷ ସାହୁ, ଯଦୁ ସାହୁ, ପି-ମଧୁ ସାହୁ, ଗ୍ରା-ନିକରୀ
	ହରିପେଟି	୬୬୧	ବେସରକାରୀ	ବାଗାୟତ-୧	୦.୦୨୦	ପ୍ରମିଳା ବିଶ୍ଵାଳ, ଗୌରୀ ସାହୁ, ପି-ମନ୍ଦୁର ସାହୁ, ଅଲେଖ ସାହୁ, ପି-ମନ୍ଦୁର ସାହୁ, ଗ୍ରା-ନିକରୀ
	ହରିପେଟି	୫୦୯	ବେସରକାରୀ	ବାଗାୟତ-୧	୦.୦୨୦	ପ୍ରଭାକର ଦାସ, ମଦନ ଦାସ, କୃଷ୍ଣ ଦାସ, ମାଳତୀ ଦାସ, ଶୌରିପିଶାଚ ଦାସ, ମନୋରମା ଦାସ, ପି-ଜନରଦନ ଦାସ, ସୁକନ୍ୟା ଦାସ, ଧାନନାଥ ଦାସ, ପି-ଶ୍ରୀଧର ଦାସ, ଗ୍ରା-ମୁଗାପାଡୁଳି
See Next Page ➜
